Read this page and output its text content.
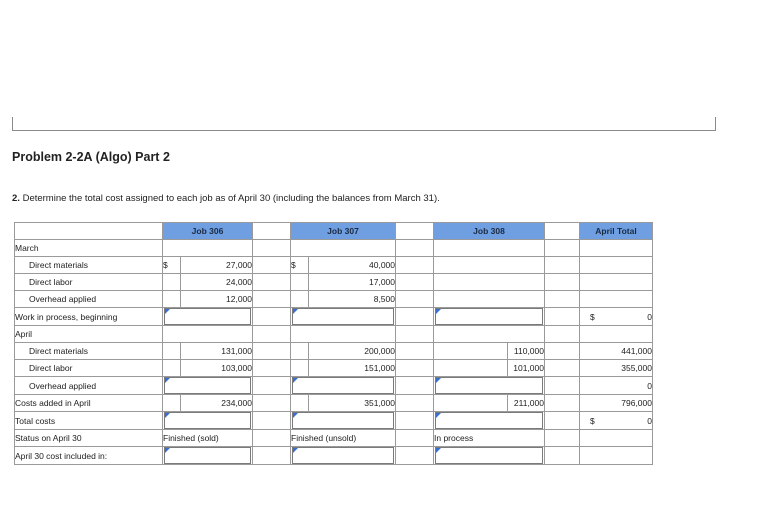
Problem 2-2A (Algo) Part 2
2. Determine the total cost assigned to each job as of April 30 (including the balances from March 31).
	Job 306			Job 307			Job 308			April Total
March										
Direct materials	$	27,000		$	40,000					
Direct labor		24,000			17,000					
Overhead applied		12,000			8,500					
Work in process, beginning										$ 0
April										
Direct materials		131,000			200,000			110,000		441,000
Direct labor		103,000			151,000			101,000		355,000
Overhead applied										0
Costs added in April		234,000			351,000			211,000		796,000
Total costs										$ 0
Status on April 30	Finished (sold)			Finished (unsold)			In process			
April 30 cost included in:				
